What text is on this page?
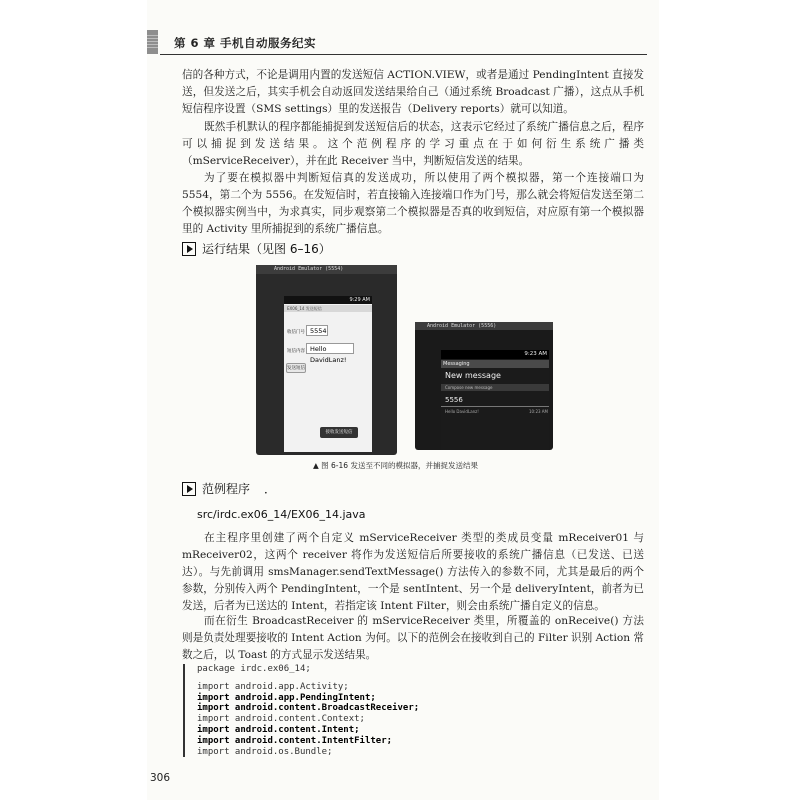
第 6 章 手机自动服务纪实

信的各种方式，不论是调用内置的发送短信 ACTION.VIEW，或者是通过 PendingIntent 直接发送，但发送之后，其实手机会自动返回发送结果给自己（通过系统 Broadcast 广播），这点从手机短信程序设置（SMS settings）里的发送报告（Delivery reports）就可以知道。

既然手机默认的程序都能捕捉到发送短信后的状态，这表示它经过了系统广播信息之后，程序可以捕捉到发送结果。这个范例程序的学习重点在于如何衍生系统广播类（mServiceReceiver），并在此 Receiver 当中，判断短信发送的结果。

为了要在模拟器中判断短信真的发送成功，所以使用了两个模拟器，第一个连接端口为 5554，第二个为 5556。在发短信时，若直接输入连接端口作为门号，那么就会将短信发送至第二个模拟器实例当中，为求真实，同步观察第二个模拟器是否真的收到短信，对应原有第一个模拟器里的 Activity 里所捕捉到的系统广播信息。

运行结果（见图 6–16）
Android Emulator (5554)
9:29 AM
EX06_14 发送短信
收信门号 5554
短信内容 Hello DavidLanz!
发送短信
接收发送短信
Android Emulator (5556)
9:23 AM
Messaging
New message
Compose new message
5556
Hello DavidLanz!	10:23 AM
▲ 图 6-16 发送至不同的模拟器，并捕捉发送结果
范例程序 ．
src/irdc.ex06_14/EX06_14.java

在主程序里创建了两个自定义 mServiceReceiver 类型的类成员变量 mReceiver01 与 mReceiver02，这两个 receiver 将作为发送短信后所要接收的系统广播信息（已发送、已送达）。与先前调用 smsManager.sendTextMessage() 方法传入的参数不同，尤其是最后的两个参数，分别传入两个 PendingIntent，一个是 sentIntent、另一个是 deliveryIntent，前者为已发送，后者为已送达的 Intent，若指定该 Intent Filter，则会由系统广播自定义的信息。

而在衍生 BroadcastReceiver 的 mServiceReceiver 类里，所覆盖的 onReceive() 方法则是负责处理要接收的 Intent Action 为何。以下的范例会在接收到自己的 Filter 识别 Action 常数之后，以 Toast 的方式显示发送结果。

package irdc.ex06_14;

import android.app.Activity;

import android.app.PendingIntent;

import android.content.BroadcastReceiver;

import android.content.Context;

import android.content.Intent;

import android.content.IntentFilter;

import android.os.Bundle;

306
